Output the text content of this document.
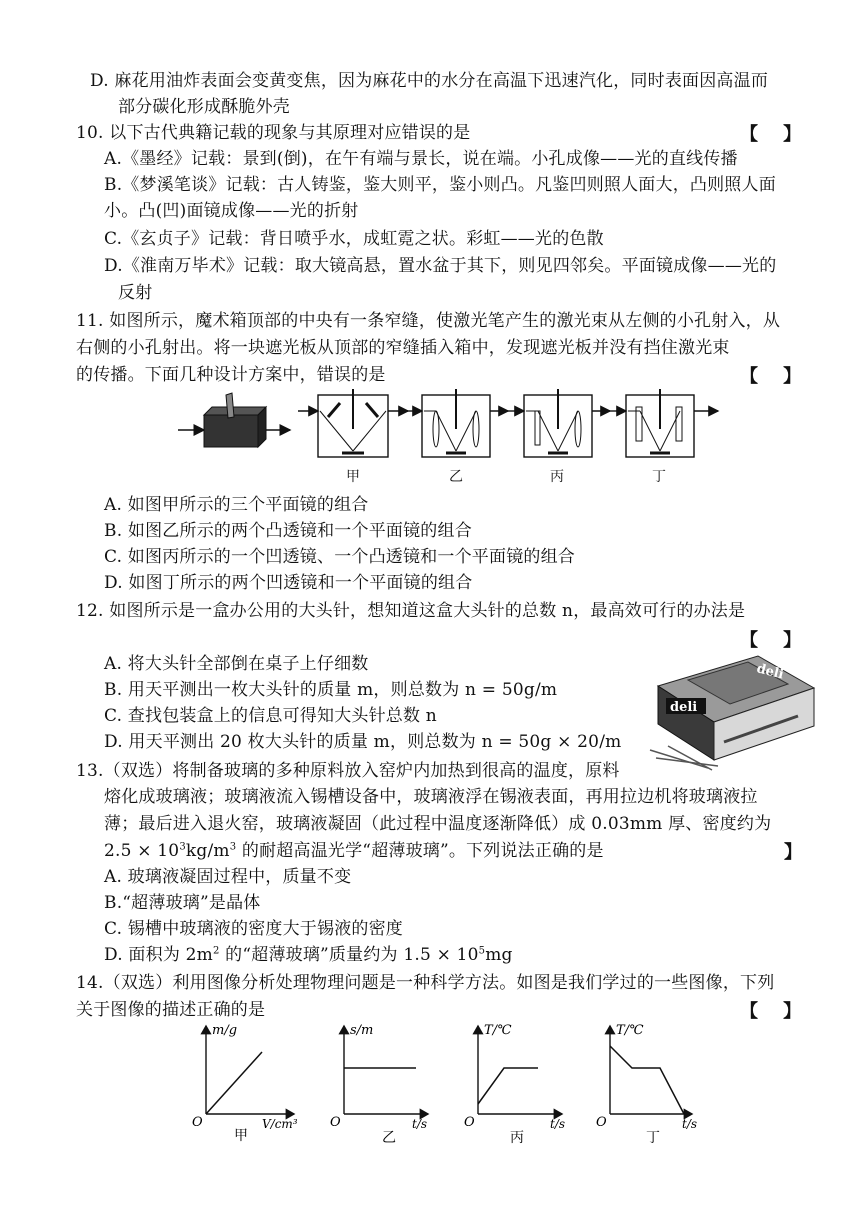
D. 麻花用油炸表面会变黄变焦，因为麻花中的水分在高温下迅速汽化，同时表面因高温而
部分碳化形成酥脆外壳
10. 以下古代典籍记载的现象与其原理对应错误的是	【    】
A.《墨经》记载：景到(倒)，在午有端与景长，说在端。小孔成像——光的直线传播
B.《梦溪笔谈》记载：古人铸鉴，鉴大则平，鉴小则凸。凡鉴凹则照人面大，凸则照人面
小。凸(凹)面镜成像——光的折射
C.《玄贞子》记载：背日喷乎水，成虹霓之状。彩虹——光的色散
D.《淮南万毕术》记载：取大镜高悬，置水盆于其下，则见四邻矣。平面镜成像——光的
反射
11. 如图所示，魔术箱顶部的中央有一条窄缝，使激光笔产生的激光束从左侧的小孔射入，从
右侧的小孔射出。将一块遮光板从顶部的窄缝插入箱中，发现遮光板并没有挡住激光束
的传播。下面几种设计方案中，错误的是	【    】
甲	乙	丙	丁
A. 如图甲所示的三个平面镜的组合
B. 如图乙所示的两个凸透镜和一个平面镜的组合
C. 如图丙所示的一个凹透镜、一个凸透镜和一个平面镜的组合
D. 如图丁所示的两个凹透镜和一个平面镜的组合
12. 如图所示是一盒办公用的大头针，想知道这盒大头针的总数 n，最高效可行的办法是
【    】
A. 将大头针全部倒在桌子上仔细数
B. 用天平测出一枚大头针的质量 m，则总数为 n = 50g/m
C. 查找包装盒上的信息可得知大头针总数 n
D. 用天平测出 20 枚大头针的质量 m，则总数为 n = 50g × 20/m
deli
deli
13.（双选）将制备玻璃的多种原料放入窑炉内加热到很高的温度，原料
熔化成玻璃液；玻璃液流入锡槽设备中，玻璃液浮在锡液表面，再用拉边机将玻璃液拉
薄；最后进入退火窑，玻璃液凝固（此过程中温度逐渐降低）成 0.03mm 厚、密度约为
$2.5 \times 10^3kg/m^3$ 的耐超高温光学“超薄玻璃”。下列说法正确的是	】
A. 玻璃液凝固过程中，质量不变
B.“超薄玻璃”是晶体
C. 锡槽中玻璃液的密度大于锡液的密度
D. 面积为 $2m^2$ 的“超薄玻璃”质量约为 $1.5 \times 10^5mg$
14.（双选）利用图像分析处理物理问题是一种科学方法。如图是我们学过的一些图像，下列
关于图像的描述正确的是	【    】
m/g
V/cm³
O
甲
s/m
t/s
O
乙
T/℃
t/s
O
丙
T/℃
t/s
O
丁
